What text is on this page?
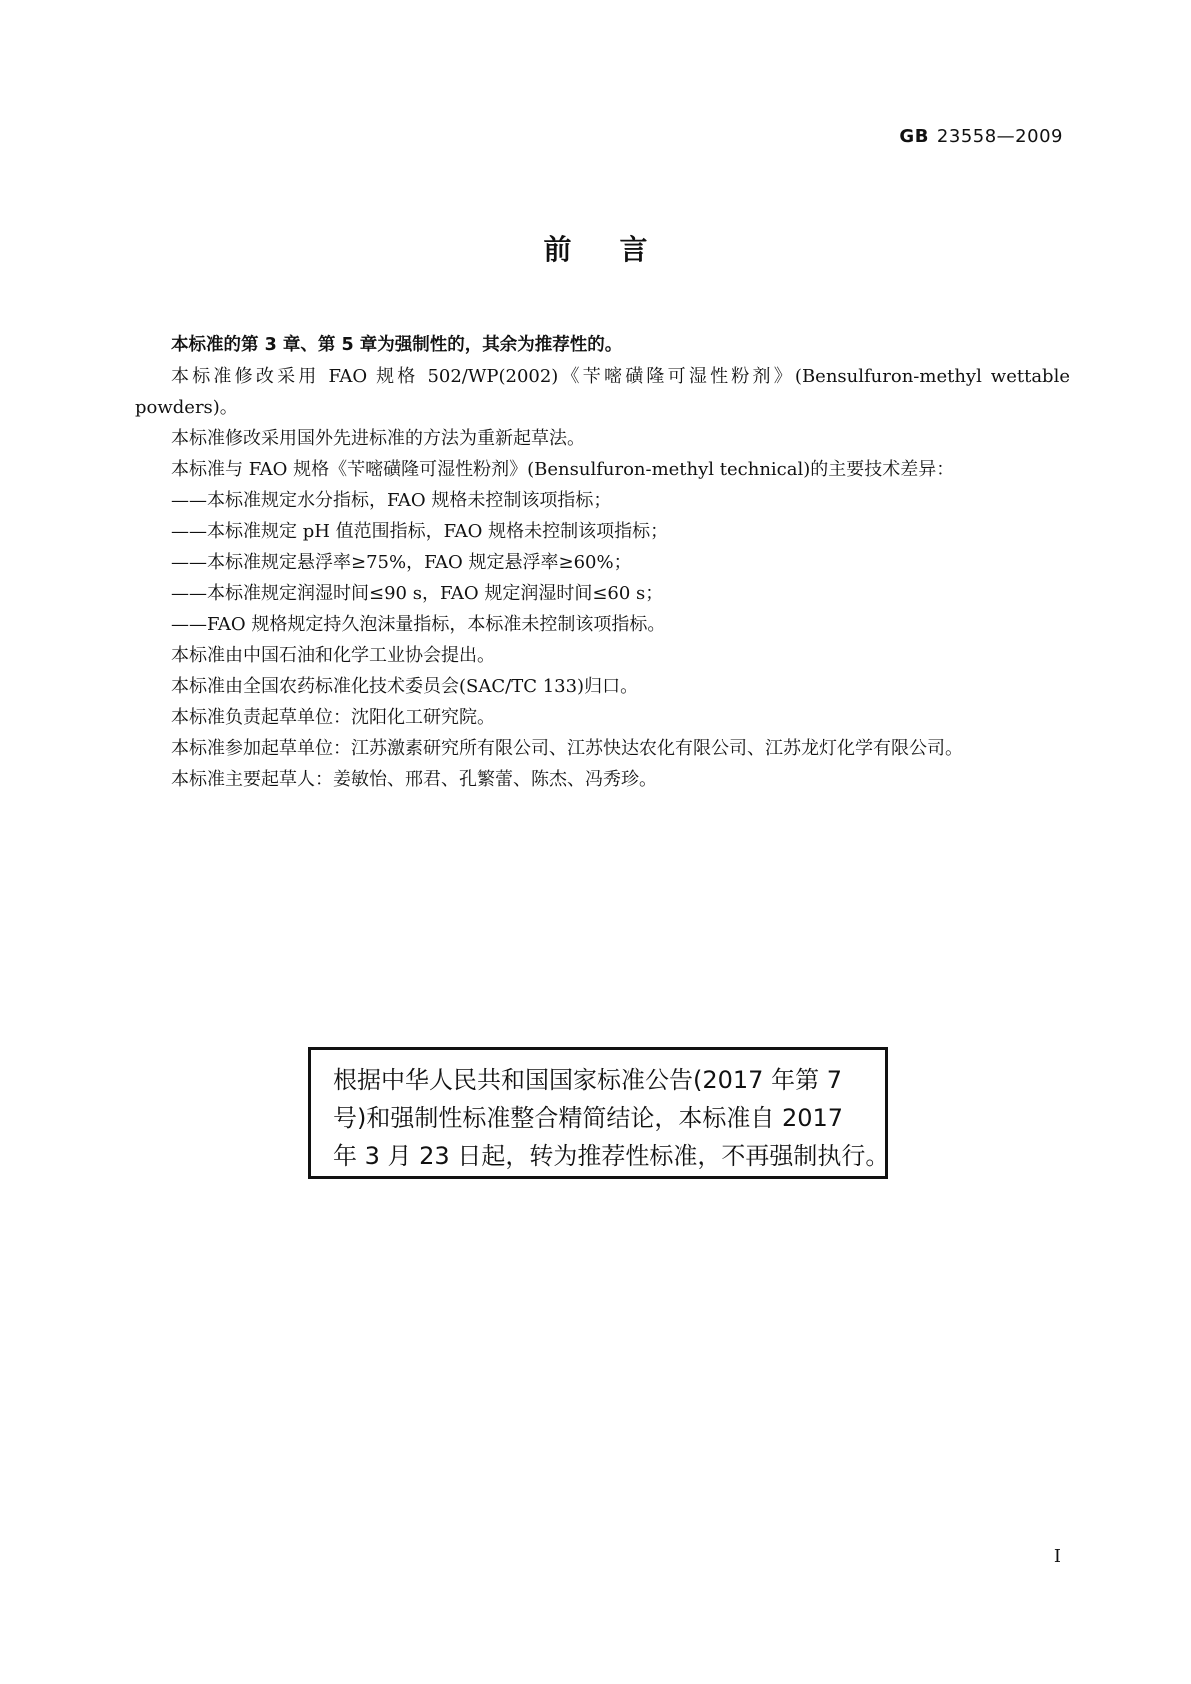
GB 23558—2009
前言

本标准的第 3 章、第 5 章为强制性的，其余为推荐性的。

本标准修改采用 FAO 规格 502/WP(2002)《苄嘧磺隆可湿性粉剂》(Bensulfuron-methyl wettable powders)。

本标准修改采用国外先进标准的方法为重新起草法。

本标准与 FAO 规格《苄嘧磺隆可湿性粉剂》(Bensulfuron-methyl technical)的主要技术差异：

——本标准规定水分指标，FAO 规格未控制该项指标；

——本标准规定 pH 值范围指标，FAO 规格未控制该项指标；

——本标准规定悬浮率≥75%，FAO 规定悬浮率≥60%；

——本标准规定润湿时间≤90 s，FAO 规定润湿时间≤60 s；

——FAO 规格规定持久泡沫量指标，本标准未控制该项指标。

本标准由中国石油和化学工业协会提出。

本标准由全国农药标准化技术委员会(SAC/TC 133)归口。

本标准负责起草单位：沈阳化工研究院。

本标准参加起草单位：江苏激素研究所有限公司、江苏快达农化有限公司、江苏龙灯化学有限公司。

本标准主要起草人：姜敏怡、邢君、孔繁蕾、陈杰、冯秀珍。

根据中华人民共和国国家标准公告(2017 年第 7
号)和强制性标准整合精简结论，本标准自 2017
年 3 月 23 日起，转为推荐性标准，不再强制执行。
I
